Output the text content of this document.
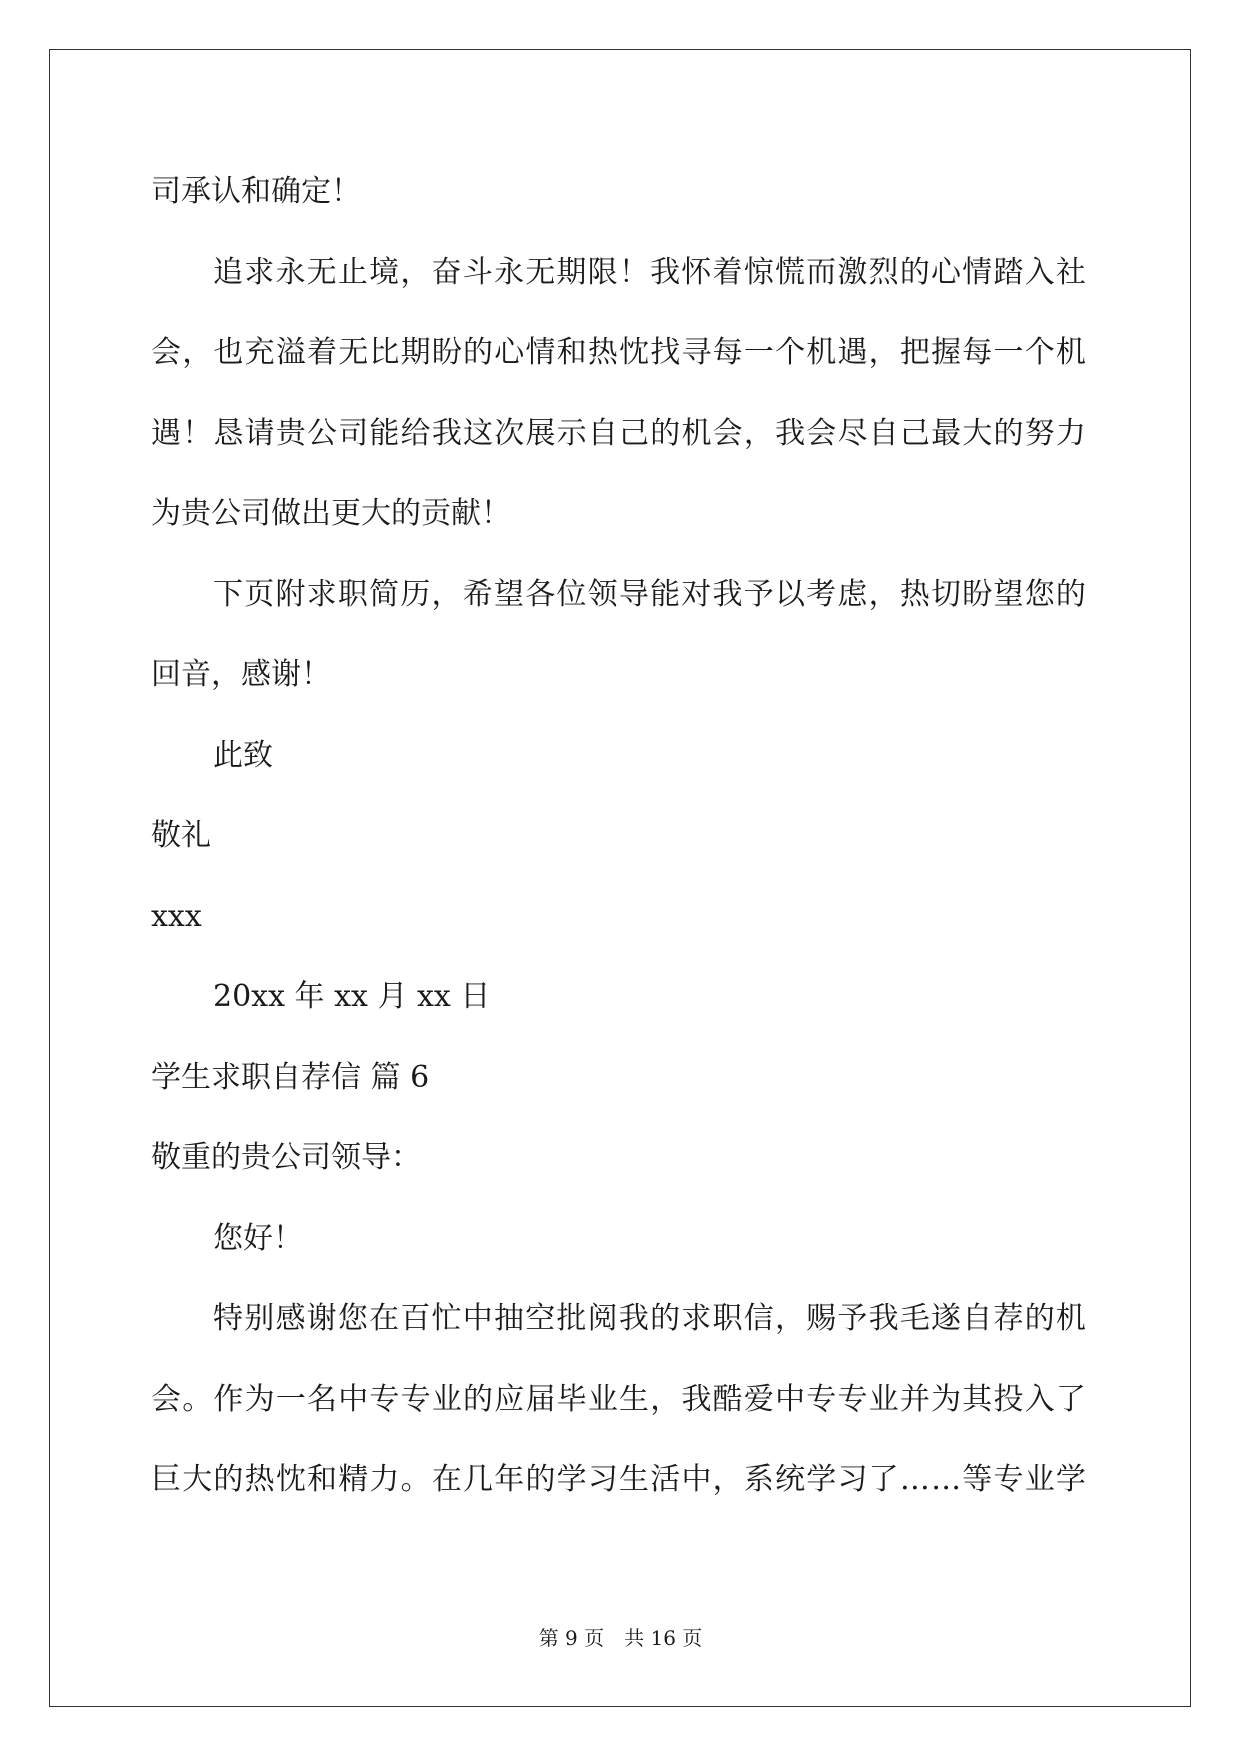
司承认和确定！
追 求 永 无 止 境 ， 奋 斗 永 无 期 限 ！ 我 怀 着 惊 慌 而 激 烈 的 心 情 踏 入 社
会 ， 也 充 溢 着 无 比 期 盼 的 心 情 和 热 忱 找 寻 每 一 个 机 遇 ， 把 握 每 一 个 机
遇 ！ 恳 请 贵 公 司 能 给 我 这 次 展 示 自 己 的 机 会 ， 我 会 尽 自 己 最 大 的 努 力
为贵公司做出更大的贡献！
下 页 附 求 职 简 历 ， 希 望 各 位 领 导 能 对 我 予 以 考 虑 ， 热 切 盼 望 您 的
回音，感谢！
此致
敬礼
xxx
20xx 年 xx 月 xx 日
学生求职自荐信 篇 6
敬重的贵公司领导：
您好！
特 别 感 谢 您 在 百 忙 中 抽 空 批 阅 我 的 求 职 信 ， 赐 予 我 毛 遂 自 荐 的 机
会 。 作 为 一 名 中 专 专 业 的 应 届 毕 业 生 ， 我 酷 爱 中 专 专 业 并 为 其 投 入 了
巨 大 的 热 忱 和 精 力 。 在 几 年 的 学 习 生 活 中 ， 系 统 学 习 了 … … 等 专 业 学
第 9 页 共 16 页
